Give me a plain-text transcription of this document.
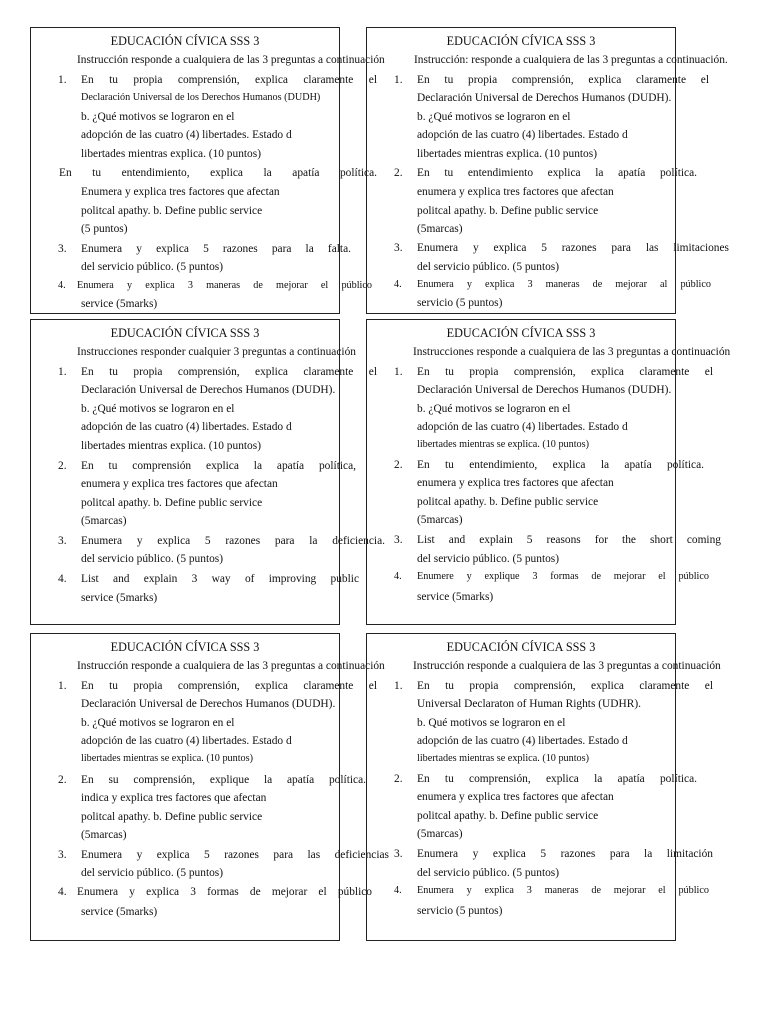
EDUCACIÓN CÍVICA SSS 3
Instrucción responde a cualquiera de las 3 preguntas a continuación
1.	En tu propia comprensión, explica claramente el
Declaración Universal de los Derechos Humanos (DUDH)
b. ¿Qué motivos se lograron en el
adopción de las cuatro (4) libertades. Estado d
libertades mientras explica. (10 puntos)
En tu entendimiento, explica la apatía política.
Enumera y explica tres factores que afectan
politcal apathy. b. Define public service
(5 puntos)
3.	Enumera y explica 5 razones para la falta.
del servicio público. (5 puntos)
4.	Enumera y explica 3 maneras de mejorar el público
service (5marks)
EDUCACIÓN CÍVICA SSS 3
Instrucción: responde a cualquiera de las 3 preguntas a continuación.
1.	En tu propia comprensión, explica claramente el
Declaración Universal de Derechos Humanos (DUDH).
b. ¿Qué motivos se lograron en el
adopción de las cuatro (4) libertades. Estado d
libertades mientras explica. (10 puntos)
2.	En tu entendimiento explica la apatía política.
enumera y explica tres factores que afectan
politcal apathy. b. Define public service
(5marcas)
3.	Enumera y explica 5 razones para las limitaciones
del servicio público. (5 puntos)
4.	Enumera y explica 3 maneras de mejorar al público
servicio (5 puntos)
EDUCACIÓN CÍVICA SSS 3
Instrucciones responder cualquier 3 preguntas a continuación
1.	En tu propia comprensión, explica claramente el
Declaración Universal de Derechos Humanos (DUDH).
b. ¿Qué motivos se lograron en el
adopción de las cuatro (4) libertades. Estado d
libertades mientras explica. (10 puntos)
2.	En tu comprensión explica la apatía política,
enumera y explica tres factores que afectan
politcal apathy. b. Define public service
(5marcas)
3.	Enumera y explica 5 razones para la deficiencia.
del servicio público. (5 puntos)
4.	List and explain 3 way of improving public
service (5marks)
EDUCACIÓN CÍVICA SSS 3
Instrucciones responde a cualquiera de las 3 preguntas a continuación
1.	En tu propia comprensión, explica claramente el
Declaración Universal de Derechos Humanos (DUDH).
b. ¿Qué motivos se lograron en el
adopción de las cuatro (4) libertades. Estado d
libertades mientras se explica. (10 puntos)
2.	En tu entendimiento, explica la apatía política.
enumera y explica tres factores que afectan
politcal apathy. b. Define public service
(5marcas)
3.	List and explain 5 reasons for the short coming
del servicio público. (5 puntos)
4.	Enumere y explique 3 formas de mejorar el público
service (5marks)
EDUCACIÓN CÍVICA SSS 3
Instrucción responde a cualquiera de las 3 preguntas a continuación
1.	En tu propia comprensión, explica claramente el
Declaración Universal de Derechos Humanos (DUDH).
b. ¿Qué motivos se lograron en el
adopción de las cuatro (4) libertades. Estado d
libertades mientras se explica. (10 puntos)
2.	En su comprensión, explique la apatía política.
indica y explica tres factores que afectan
politcal apathy. b. Define public service
(5marcas)
3.	Enumera y explica 5 razones para las deficiencias
del servicio público. (5 puntos)
4. Enumera y explica 3 formas de mejorar el público
service (5marks)
EDUCACIÓN CÍVICA SSS 3
Instrucción responde a cualquiera de las 3 preguntas a continuación
1.	En tu propia comprensión, explica claramente el
Universal Declaraton of Human Rights (UDHR).
b. Qué motivos se lograron en el
adopción de las cuatro (4) libertades. Estado d
libertades mientras se explica. (10 puntos)
2.	En tu comprensión, explica la apatía política.
enumera y explica tres factores que afectan
politcal apathy. b. Define public service
(5marcas)
3.	Enumera y explica 5 razones para la limitación
del servicio público. (5 puntos)
4.	Enumera y explica 3 maneras de mejorar el público
servicio (5 puntos)
